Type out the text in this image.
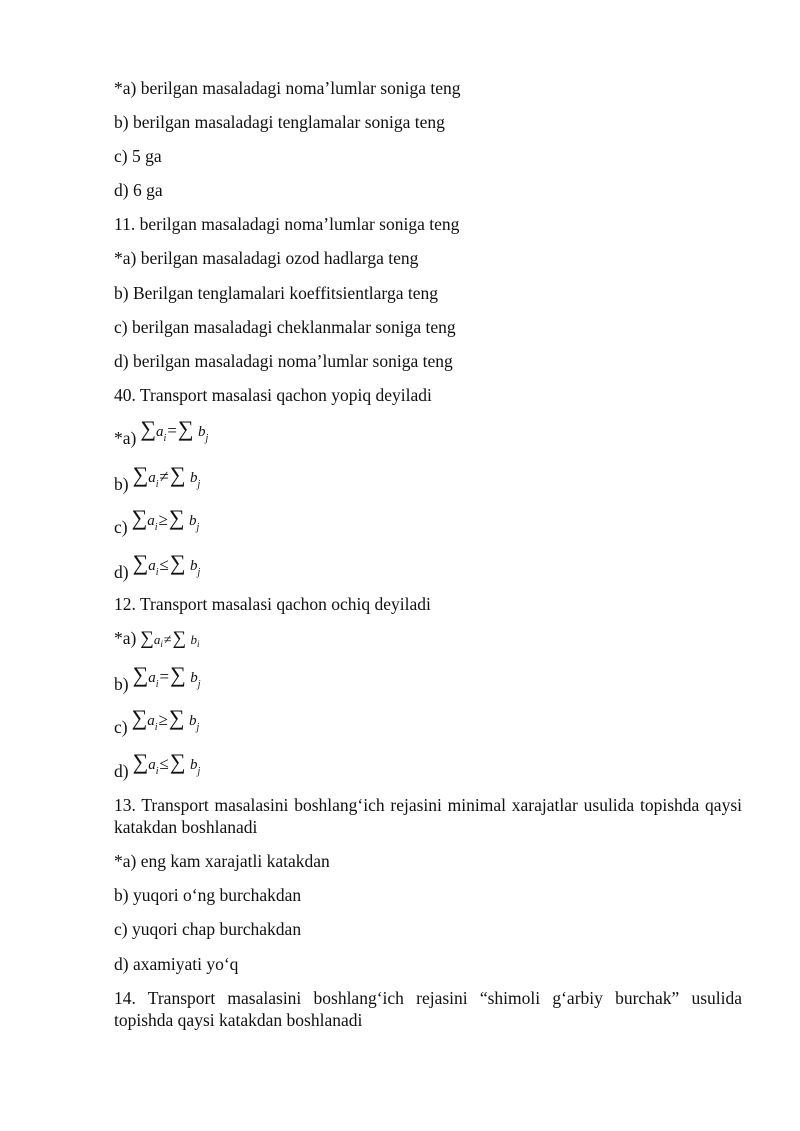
*a) berilgan masaladagi noma’lumlar soniga teng
b) berilgan masaladagi tenglamalar soniga teng
c) 5 ga
d) 6 ga
11. berilgan masaladagi noma’lumlar soniga teng
*a) berilgan masaladagi ozod hadlarga teng
b) Berilgan tenglamalari koeffitsientlarga teng
c) berilgan masaladagi cheklanmalar soniga teng
d) berilgan masaladagi noma’lumlar soniga teng
40. Transport masalasi qachon yopiq deyiladi
*a) $\sum a_i=\sum$ $b_j$
b) $\sum a_i\ne\sum$ $b_j$
c) $\sum a_i\ge\sum$ $b_j$
d) $\sum a_i\le\sum$ $b_j$
12. Transport masalasi qachon ochiq deyiladi
*a) ∑ai≠∑ bi
b) $\sum a_i=\sum$ $b_j$
c) $\sum a_i\ge\sum$ $b_j$
d) $\sum a_i\le\sum$ $b_j$
13. Transport masalasini boshlang‘ich rejasini minimal xarajatlar usulida topishda qaysi katakdan boshlanadi
*a) eng kam xarajatli katakdan
b) yuqori o‘ng burchakdan
c) yuqori chap burchakdan
d) axamiyati yo‘q
14. Transport masalasini boshlang‘ich rejasini “shimoli g‘arbiy burchak” usulida topishda qaysi katakdan boshlanadi
